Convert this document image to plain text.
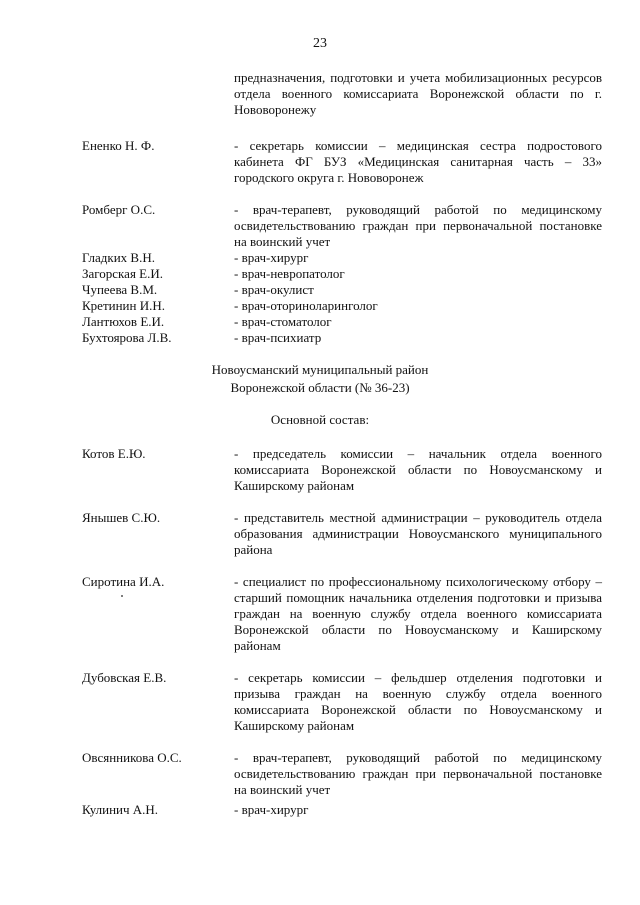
23
предназначения, подготовки и учета мобилизационных ресурсов отдела военного комиссариата Воронежской области по г. Нововоронежу
Ененко Н. Ф.	- секретарь комиссии – медицинская сестра подростового кабинета ФГ БУЗ «Медицинская санитарная часть – 33» городского округа г. Нововоронеж
Ромберг О.С.	- врач-терапевт, руководящий работой по медицинскому освидетельствованию граждан при первоначальной постановке на воинский учет
Гладких В.Н.	- врач-хирург
Загорская Е.И.	- врач-невропатолог
Чупеева В.М.	- врач-окулист
Кретинин И.Н.	- врач-оториноларинголог
Лантюхов Е.И.	- врач-стоматолог
Бухтоярова Л.В.	- врач-психиатр
Новоусманский муниципальный район
Воронежской области (№ 36-23)
Основной состав:
Котов Е.Ю.	- председатель комиссии – начальник отдела военного комиссариата Воронежской области по Новоусманскому и Каширскому районам
Янышев С.Ю.	- представитель местной администрации – руководитель отдела образования администрации Новоусманского муниципального района
Сиротина И.А.	- специалист по профессиональному психологическому отбору – старший помощник начальника отделения подготовки и призыва граждан на военную службу отдела военного комиссариата Воронежской области по Новоусманскому и Каширскому районам
Дубовская Е.В.	- секретарь комиссии – фельдшер отделения подготовки и призыва граждан на военную службу отдела военного комиссариата Воронежской области по Новоусманскому и Каширскому районам
Овсянникова О.С.	- врач-терапевт, руководящий работой по медицинскому освидетельствованию граждан при первоначальной постановке на воинский учет
Кулинич А.Н.	- врач-хирург
